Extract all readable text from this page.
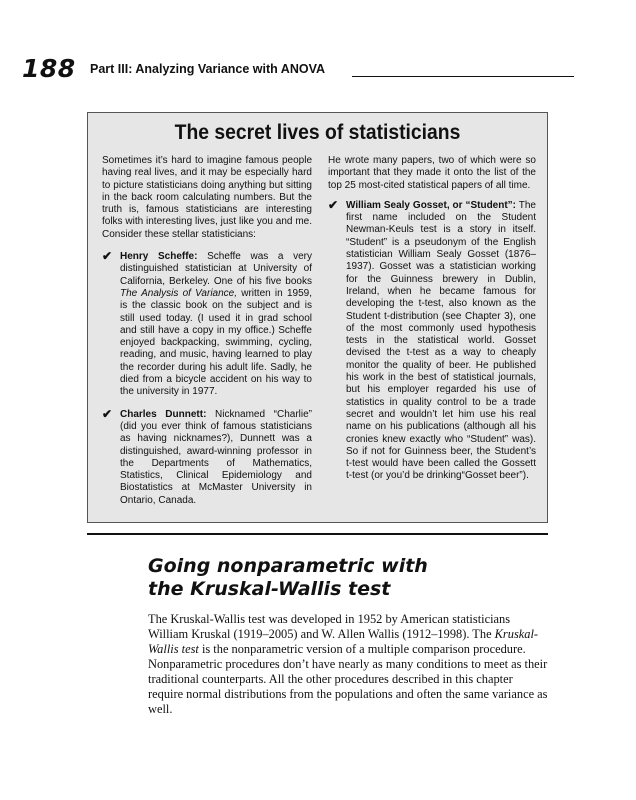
188 Part III: Analyzing Variance with ANOVA
The secret lives of statisticians

Sometimes it’s hard to imagine famous people having real lives, and it may be especially hard to picture statisticians doing anything but sitting in the back room calculating numbers. But the truth is, famous statisticians are interesting folks with interesting lives, just like you and me. Consider these stellar statisticians:

✔ Henry Scheffe: Scheffe was a very distinguished statistician at University of California, Berkeley. One of his five books The Analysis of Variance, written in 1959, is the classic book on the subject and is still used today. (I used it in grad school and still have a copy in my office.) Scheffe enjoyed backpacking, swimming, cycling, reading, and music, having learned to play the recorder during his adult life. Sadly, he died from a bicycle accident on his way to the university in 1977.
✔ Charles Dunnett: Nicknamed “Charlie” (did you ever think of famous statisticians as having nicknames?), Dunnett was a distinguished, award-winning professor in the Departments of Mathematics, Statistics, Clinical Epidemiology and Biostatistics at McMaster University in Ontario, Canada.

He wrote many papers, two of which were so important that they made it onto the list of the top 25 most-cited statistical papers of all time.

✔ William Sealy Gosset, or “Student”: The first name included on the Student Newman-Keuls test is a story in itself. “Student” is a pseudonym of the English statistician William Sealy Gosset (1876–1937). Gosset was a statistician working for the Guinness brewery in Dublin, Ireland, when he became famous for developing the t-test, also known as the Student t-distribution (see Chapter 3), one of the most commonly used hypothesis tests in the statistical world. Gosset devised the t-test as a way to cheaply monitor the quality of beer. He published his work in the best of statistical journals, but his employer regarded his use of statistics in quality control to be a trade secret and wouldn’t let him use his real name on his publications (although all his cronies knew exactly who “Student” was). So if not for Guinness beer, the Student’s t-test would have been called the Gossett t-test (or you’d be drinking“Gosset beer”).
Going nonparametric with
the Kruskal-Wallis test
The Kruskal-Wallis test was developed in 1952 by American statisticians William Kruskal (1919–2005) and W. Allen Wallis (1912–1998). The Kruskal-Wallis test is the nonparametric version of a multiple comparison procedure. Nonparametric procedures don’t have nearly as many conditions to meet as their traditional counterparts. All the other procedures described in this chapter require normal distributions from the populations and often the same variance as well.
